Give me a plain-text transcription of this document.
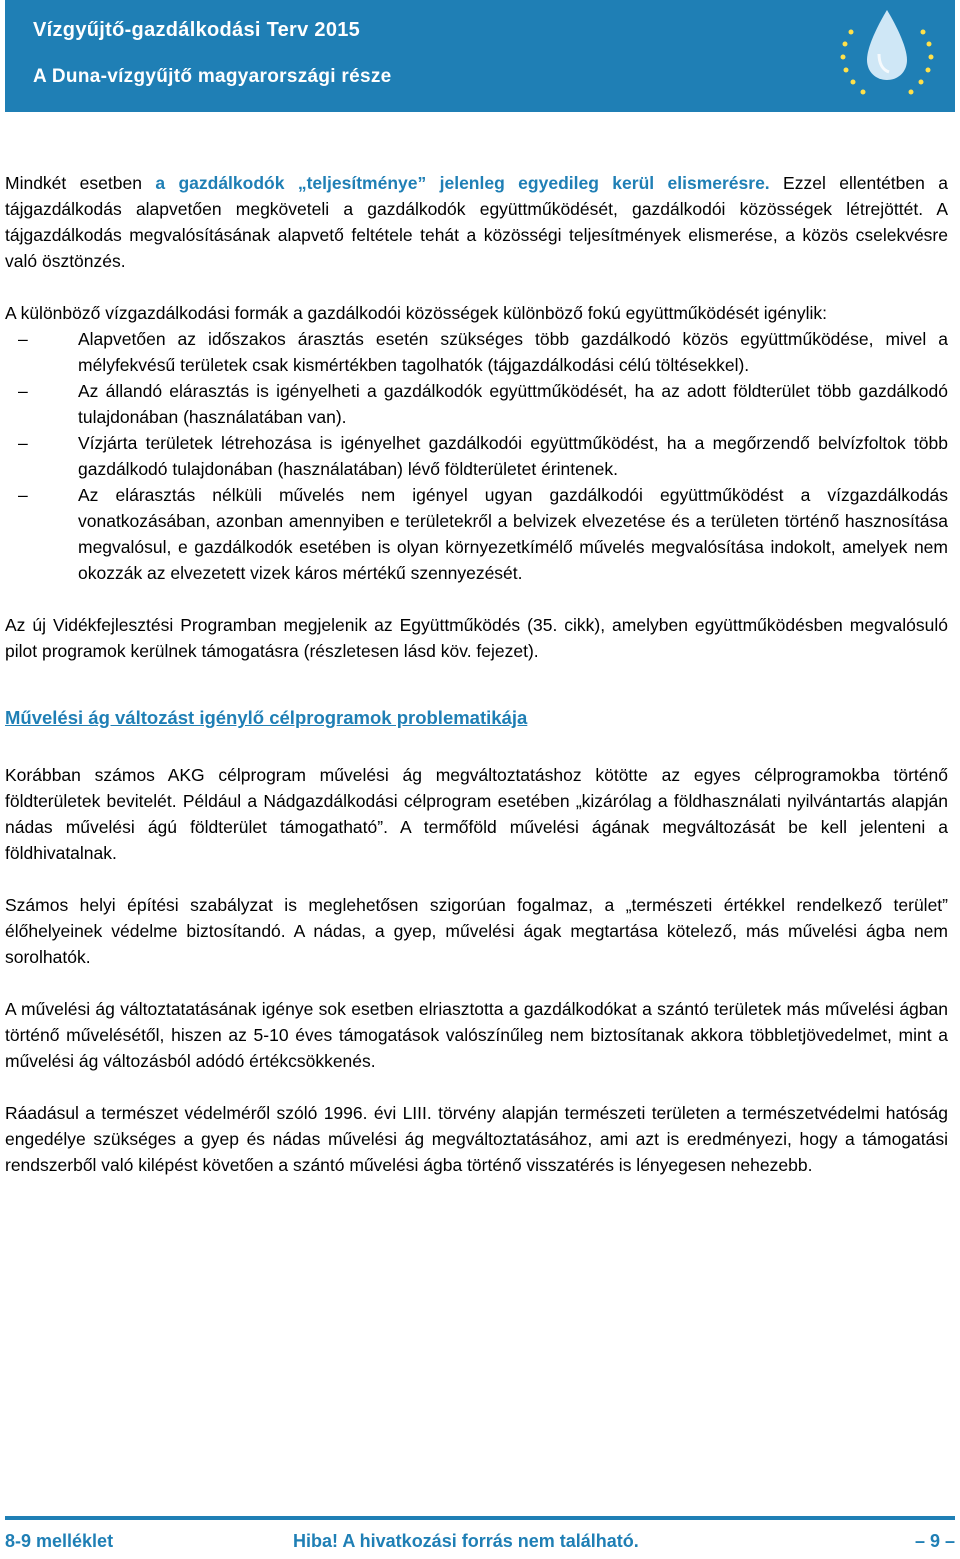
Vízgyűjtő-gazdálkodási Terv 2015
A Duna-vízgyűjtő magyarországi része

Mindkét esetben a gazdálkodók „teljesítménye” jelenleg egyedileg kerül elismerésre. Ezzel ellentétben a tájgazdálkodás alapvetően megköveteli a gazdálkodók együttműködését, gazdálkodói közösségek létrejöttét. A tájgazdálkodás megvalósításának alapvető feltétele tehát a közösségi teljesítmények elismerése, a közös cselekvésre való ösztönzés.

A különböző vízgazdálkodási formák a gazdálkodói közösségek különböző fokú együttműködését igénylik:

–	Alapvetően az időszakos árasztás esetén szükséges több gazdálkodó közös együttműködése, mivel a mélyfekvésű területek csak kismértékben tagolhatók (tájgazdálkodási célú töltésekkel).
–	Az állandó elárasztás is igényelheti a gazdálkodók együttműködését, ha az adott földterület több gazdálkodó tulajdonában (használatában van).
–	Vízjárta területek létrehozása is igényelhet gazdálkodói együttműködést, ha a megőrzendő belvízfoltok több gazdálkodó tulajdonában (használatában) lévő földterületet érintenek.
–	Az elárasztás nélküli művelés nem igényel ugyan gazdálkodói együttműködést a vízgazdálkodás vonatkozásában, azonban amennyiben e területekről a belvizek elvezetése és a területen történő hasznosítása megvalósul, e gazdálkodók esetében is olyan környezetkímélő művelés megvalósítása indokolt, amelyek nem okozzák az elvezetett vizek káros mértékű szennyezését.

Az új Vidékfejlesztési Programban megjelenik az Együttműködés (35. cikk), amelyben együttműködésben megvalósuló pilot programok kerülnek támogatásra (részletesen lásd köv. fejezet).

Művelési ág változást igénylő célprogramok problematikája

Korábban számos AKG célprogram művelési ág megváltoztatáshoz kötötte az egyes célprogramokba történő földterületek bevitelét. Például a Nádgazdálkodási célprogram esetében „kizárólag a földhasználati nyilvántartás alapján nádas művelési ágú földterület támogatható”. A termőföld művelési ágának megváltozását be kell jelenteni a földhivatalnak.

Számos helyi építési szabályzat is meglehetősen szigorúan fogalmaz, a „természeti értékkel rendelkező terület” élőhelyeinek védelme biztosítandó. A nádas, a gyep, művelési ágak megtartása kötelező, más művelési ágba nem sorolhatók.

A művelési ág változtatatásának igénye sok esetben elriasztotta a gazdálkodókat a szántó területek más művelési ágban történő művelésétől, hiszen az 5-10 éves támogatások valószínűleg nem biztosítanak akkora többletjövedelmet, mint a művelési ág változásból adódó értékcsökkenés.

Ráadásul a természet védelméről szóló 1996. évi LIII. törvény alapján természeti területen a természetvédelmi hatóság engedélye szükséges a gyep és nádas művelési ág megváltoztatásához, ami azt is eredményezi, hogy a támogatási rendszerből való kilépést követően a szántó művelési ágba történő visszatérés is lényegesen nehezebb.

8-9 melléklet	Hiba! A hivatkozási forrás nem található.	– 9 –
